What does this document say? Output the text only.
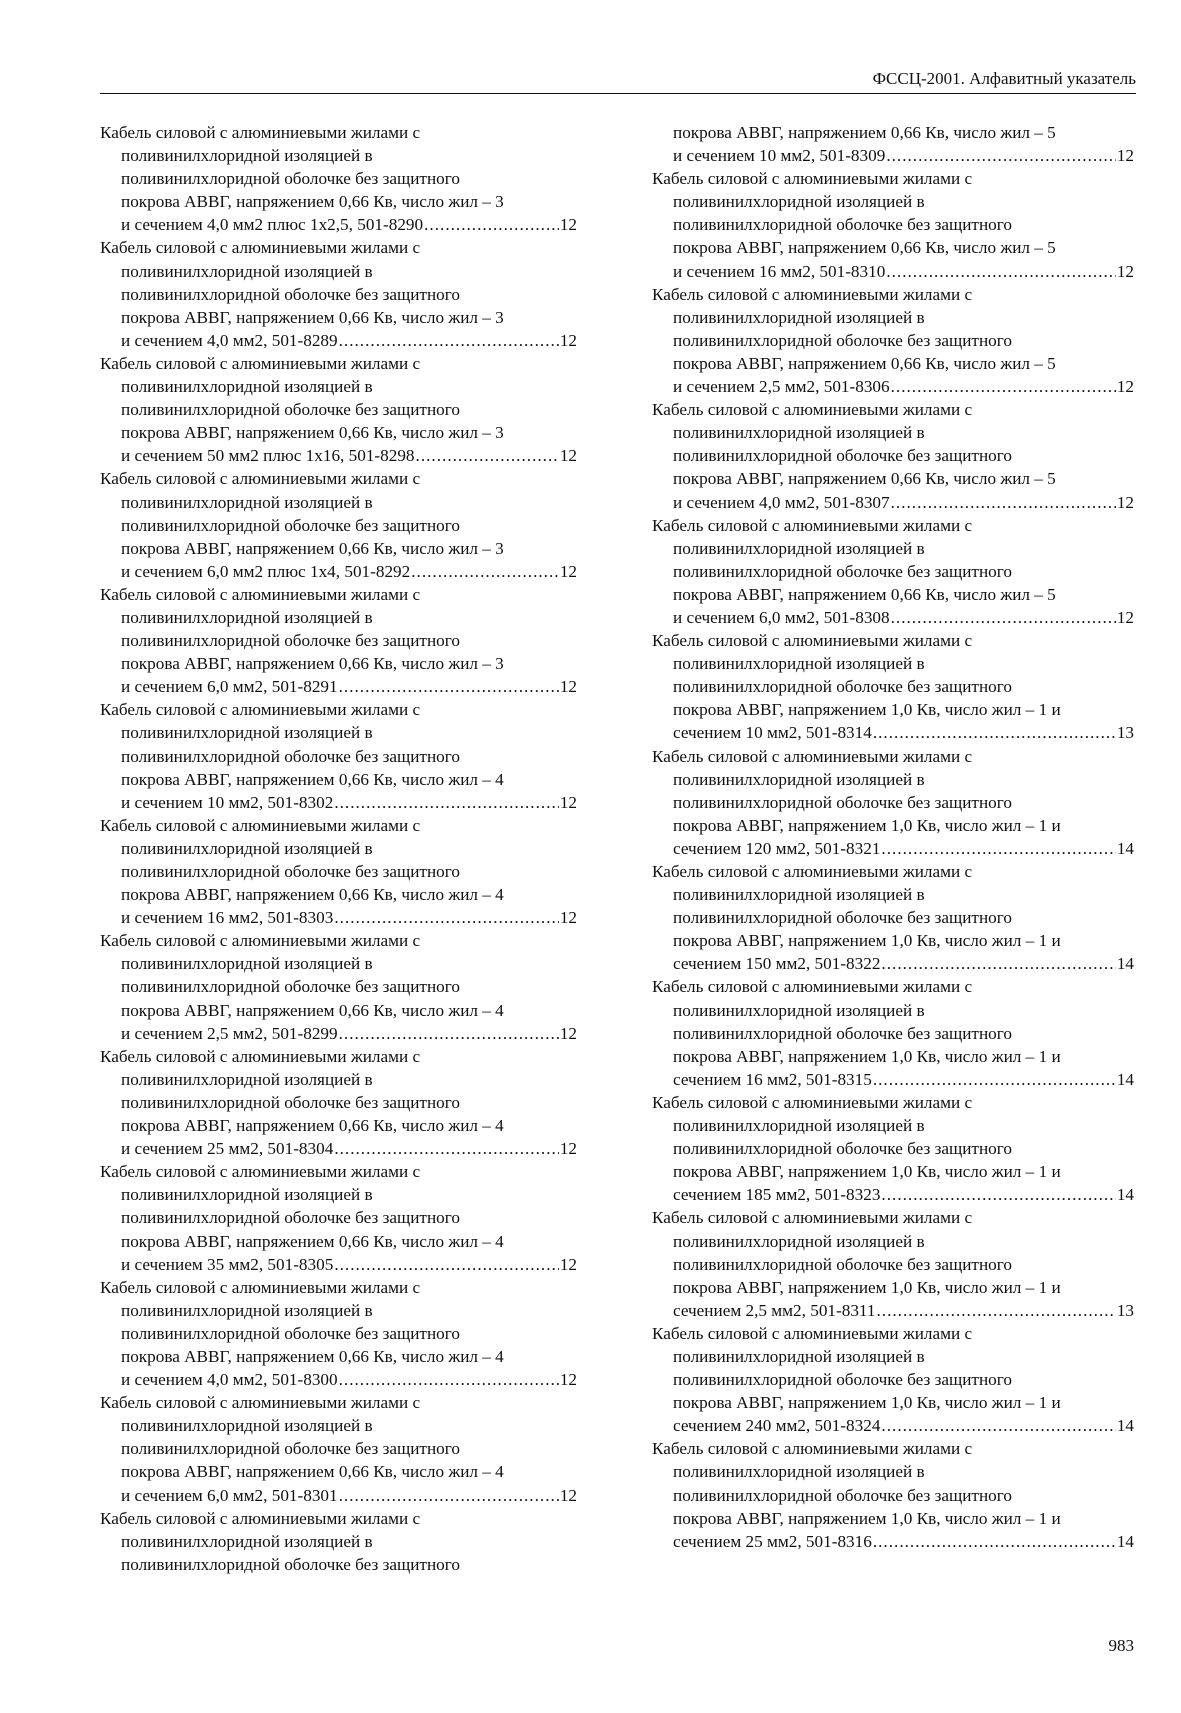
ФССЦ-2001. Алфавитный указатель
Кабель силовой с алюминиевыми жилами с
поливинилхлоридной изоляцией в
поливинилхлоридной оболочке без защитного
покрова АВВГ, напряжением 0,66 Кв, число жил – 3
и сечением 4,0 мм2 плюс 1х2,5, 501-8290 .....	12
Кабель силовой с алюминиевыми жилами с
поливинилхлоридной изоляцией в
поливинилхлоридной оболочке без защитного
покрова АВВГ, напряжением 0,66 Кв, число жил – 3
и сечением 4,0 мм2, 501-8289 .....	12
Кабель силовой с алюминиевыми жилами с
поливинилхлоридной изоляцией в
поливинилхлоридной оболочке без защитного
покрова АВВГ, напряжением 0,66 Кв, число жил – 3
и сечением 50 мм2 плюс 1х16, 501-8298 .....	12
Кабель силовой с алюминиевыми жилами с
поливинилхлоридной изоляцией в
поливинилхлоридной оболочке без защитного
покрова АВВГ, напряжением 0,66 Кв, число жил – 3
и сечением 6,0 мм2 плюс 1х4, 501-8292 .....	12
Кабель силовой с алюминиевыми жилами с
поливинилхлоридной изоляцией в
поливинилхлоридной оболочке без защитного
покрова АВВГ, напряжением 0,66 Кв, число жил – 3
и сечением 6,0 мм2, 501-8291 .....	12
Кабель силовой с алюминиевыми жилами с
поливинилхлоридной изоляцией в
поливинилхлоридной оболочке без защитного
покрова АВВГ, напряжением 0,66 Кв, число жил – 4
и сечением 10 мм2, 501-8302 .....	12
Кабель силовой с алюминиевыми жилами с
поливинилхлоридной изоляцией в
поливинилхлоридной оболочке без защитного
покрова АВВГ, напряжением 0,66 Кв, число жил – 4
и сечением 16 мм2, 501-8303 .....	12
Кабель силовой с алюминиевыми жилами с
поливинилхлоридной изоляцией в
поливинилхлоридной оболочке без защитного
покрова АВВГ, напряжением 0,66 Кв, число жил – 4
и сечением 2,5 мм2, 501-8299 .....	12
Кабель силовой с алюминиевыми жилами с
поливинилхлоридной изоляцией в
поливинилхлоридной оболочке без защитного
покрова АВВГ, напряжением 0,66 Кв, число жил – 4
и сечением 25 мм2, 501-8304 .....	12
Кабель силовой с алюминиевыми жилами с
поливинилхлоридной изоляцией в
поливинилхлоридной оболочке без защитного
покрова АВВГ, напряжением 0,66 Кв, число жил – 4
и сечением 35 мм2, 501-8305 .....	12
Кабель силовой с алюминиевыми жилами с
поливинилхлоридной изоляцией в
поливинилхлоридной оболочке без защитного
покрова АВВГ, напряжением 0,66 Кв, число жил – 4
и сечением 4,0 мм2, 501-8300 .....	12
Кабель силовой с алюминиевыми жилами с
поливинилхлоридной изоляцией в
поливинилхлоридной оболочке без защитного
покрова АВВГ, напряжением 0,66 Кв, число жил – 4
и сечением 6,0 мм2, 501-8301 .....	12
Кабель силовой с алюминиевыми жилами с
поливинилхлоридной изоляцией в
поливинилхлоридной оболочке без защитного
покрова АВВГ, напряжением 0,66 Кв, число жил – 5
и сечением 10 мм2, 501-8309 .....	12
Кабель силовой с алюминиевыми жилами с
поливинилхлоридной изоляцией в
поливинилхлоридной оболочке без защитного
покрова АВВГ, напряжением 0,66 Кв, число жил – 5
и сечением 16 мм2, 501-8310 .....	12
Кабель силовой с алюминиевыми жилами с
поливинилхлоридной изоляцией в
поливинилхлоридной оболочке без защитного
покрова АВВГ, напряжением 0,66 Кв, число жил – 5
и сечением 2,5 мм2, 501-8306 .....	12
Кабель силовой с алюминиевыми жилами с
поливинилхлоридной изоляцией в
поливинилхлоридной оболочке без защитного
покрова АВВГ, напряжением 0,66 Кв, число жил – 5
и сечением 4,0 мм2, 501-8307 .....	12
Кабель силовой с алюминиевыми жилами с
поливинилхлоридной изоляцией в
поливинилхлоридной оболочке без защитного
покрова АВВГ, напряжением 0,66 Кв, число жил – 5
и сечением 6,0 мм2, 501-8308 .....	12
Кабель силовой с алюминиевыми жилами с
поливинилхлоридной изоляцией в
поливинилхлоридной оболочке без защитного
покрова АВВГ, напряжением 1,0 Кв, число жил – 1 и
сечением 10 мм2, 501-8314 .....	13
Кабель силовой с алюминиевыми жилами с
поливинилхлоридной изоляцией в
поливинилхлоридной оболочке без защитного
покрова АВВГ, напряжением 1,0 Кв, число жил – 1 и
сечением 120 мм2, 501-8321 .....	14
Кабель силовой с алюминиевыми жилами с
поливинилхлоридной изоляцией в
поливинилхлоридной оболочке без защитного
покрова АВВГ, напряжением 1,0 Кв, число жил – 1 и
сечением 150 мм2, 501-8322 .....	14
Кабель силовой с алюминиевыми жилами с
поливинилхлоридной изоляцией в
поливинилхлоридной оболочке без защитного
покрова АВВГ, напряжением 1,0 Кв, число жил – 1 и
сечением 16 мм2, 501-8315 .....	14
Кабель силовой с алюминиевыми жилами с
поливинилхлоридной изоляцией в
поливинилхлоридной оболочке без защитного
покрова АВВГ, напряжением 1,0 Кв, число жил – 1 и
сечением 185 мм2, 501-8323 .....	14
Кабель силовой с алюминиевыми жилами с
поливинилхлоридной изоляцией в
поливинилхлоридной оболочке без защитного
покрова АВВГ, напряжением 1,0 Кв, число жил – 1 и
сечением 2,5 мм2, 501-8311 .....	13
Кабель силовой с алюминиевыми жилами с
поливинилхлоридной изоляцией в
поливинилхлоридной оболочке без защитного
покрова АВВГ, напряжением 1,0 Кв, число жил – 1 и
сечением 240 мм2, 501-8324 .....	14
Кабель силовой с алюминиевыми жилами с
поливинилхлоридной изоляцией в
поливинилхлоридной оболочке без защитного
покрова АВВГ, напряжением 1,0 Кв, число жил – 1 и
сечением 25 мм2, 501-8316 .....	14
983
